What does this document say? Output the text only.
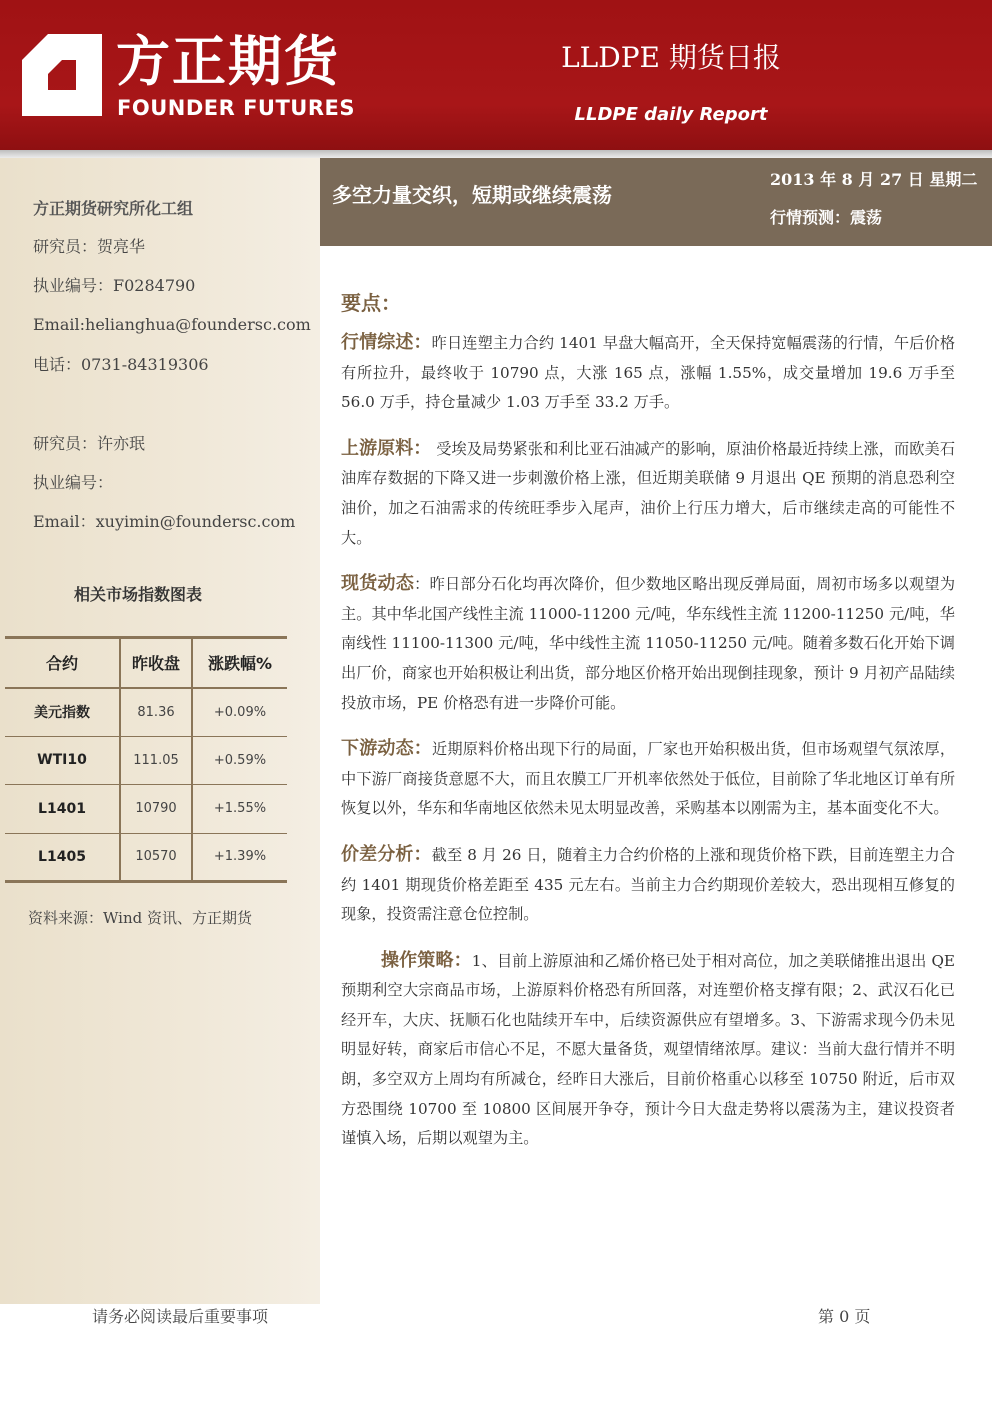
方正期货
FOUNDER FUTURES
LLDPE 期货日报
LLDPE daily Report
方正期货研究所化工组
研究员：贺亮华
执业编号：F0284790
Email:helianghua@foundersc.com
电话：0731-84319306
研究员：许亦珉
执业编号：
Email：xuyimin@foundersc.com
相关市场指数图表
合约	昨收盘	涨跌幅%
美元指数	81.36	+0.09%
WTI10	111.05	+0.59%
L1401	10790	+1.55%
L1405	10570	+1.39%
资料来源：Wind 资讯、方正期货
多空力量交织，短期或继续震荡
2013 年 8 月 27 日 星期二
行情预测：震荡
要点：

行情综述：昨日连塑主力合约 1401 早盘大幅高开，全天保持宽幅震荡的行情，午后价格有所拉升，最终收于 10790 点，大涨 165 点，涨幅 1.55%，成交量增加 19.6 万手至 56.0 万手，持仓量减少 1.03 万手至 33.2 万手。

上游原料： 受埃及局势紧张和利比亚石油减产的影响，原油价格最近持续上涨，而欧美石油库存数据的下降又进一步刺激价格上涨，但近期美联储 9 月退出 QE 预期的消息恐利空油价，加之石油需求的传统旺季步入尾声，油价上行压力增大，后市继续走高的可能性不大。

现货动态：昨日部分石化均再次降价，但少数地区略出现反弹局面，周初市场多以观望为主。其中华北国产线性主流 11000-11200 元/吨，华东线性主流 11200-11250 元/吨，华南线性 11100-11300 元/吨，华中线性主流 11050-11250 元/吨。随着多数石化开始下调出厂价，商家也开始积极让利出货，部分地区价格开始出现倒挂现象，预计 9 月初产品陆续投放市场，PE 价格恐有进一步降价可能。

下游动态：近期原料价格出现下行的局面，厂家也开始积极出货，但市场观望气氛浓厚，中下游厂商接货意愿不大，而且农膜工厂开机率依然处于低位，目前除了华北地区订单有所恢复以外，华东和华南地区依然未见太明显改善，采购基本以刚需为主，基本面变化不大。

价差分析：截至 8 月 26 日，随着主力合约价格的上涨和现货价格下跌，目前连塑主力合约 1401 期现货价格差距至 435 元左右。当前主力合约期现价差较大，恐出现相互修复的现象，投资需注意仓位控制。

操作策略：1、目前上游原油和乙烯价格已处于相对高位，加之美联储推出退出 QE 预期利空大宗商品市场，上游原料价格恐有所回落，对连塑价格支撑有限；2、武汉石化已经开车，大庆、抚顺石化也陆续开车中，后续资源供应有望增多。3、下游需求现今仍未见明显好转，商家后市信心不足，不愿大量备货，观望情绪浓厚。建议：当前大盘行情并不明朗，多空双方上周均有所减仓，经昨日大涨后，目前价格重心以移至 10750 附近，后市双方恐围绕 10700 至 10800 区间展开争夺，预计今日大盘走势将以震荡为主，建议投资者谨慎入场，后期以观望为主。

请务必阅读最后重要事项	第 0 页
